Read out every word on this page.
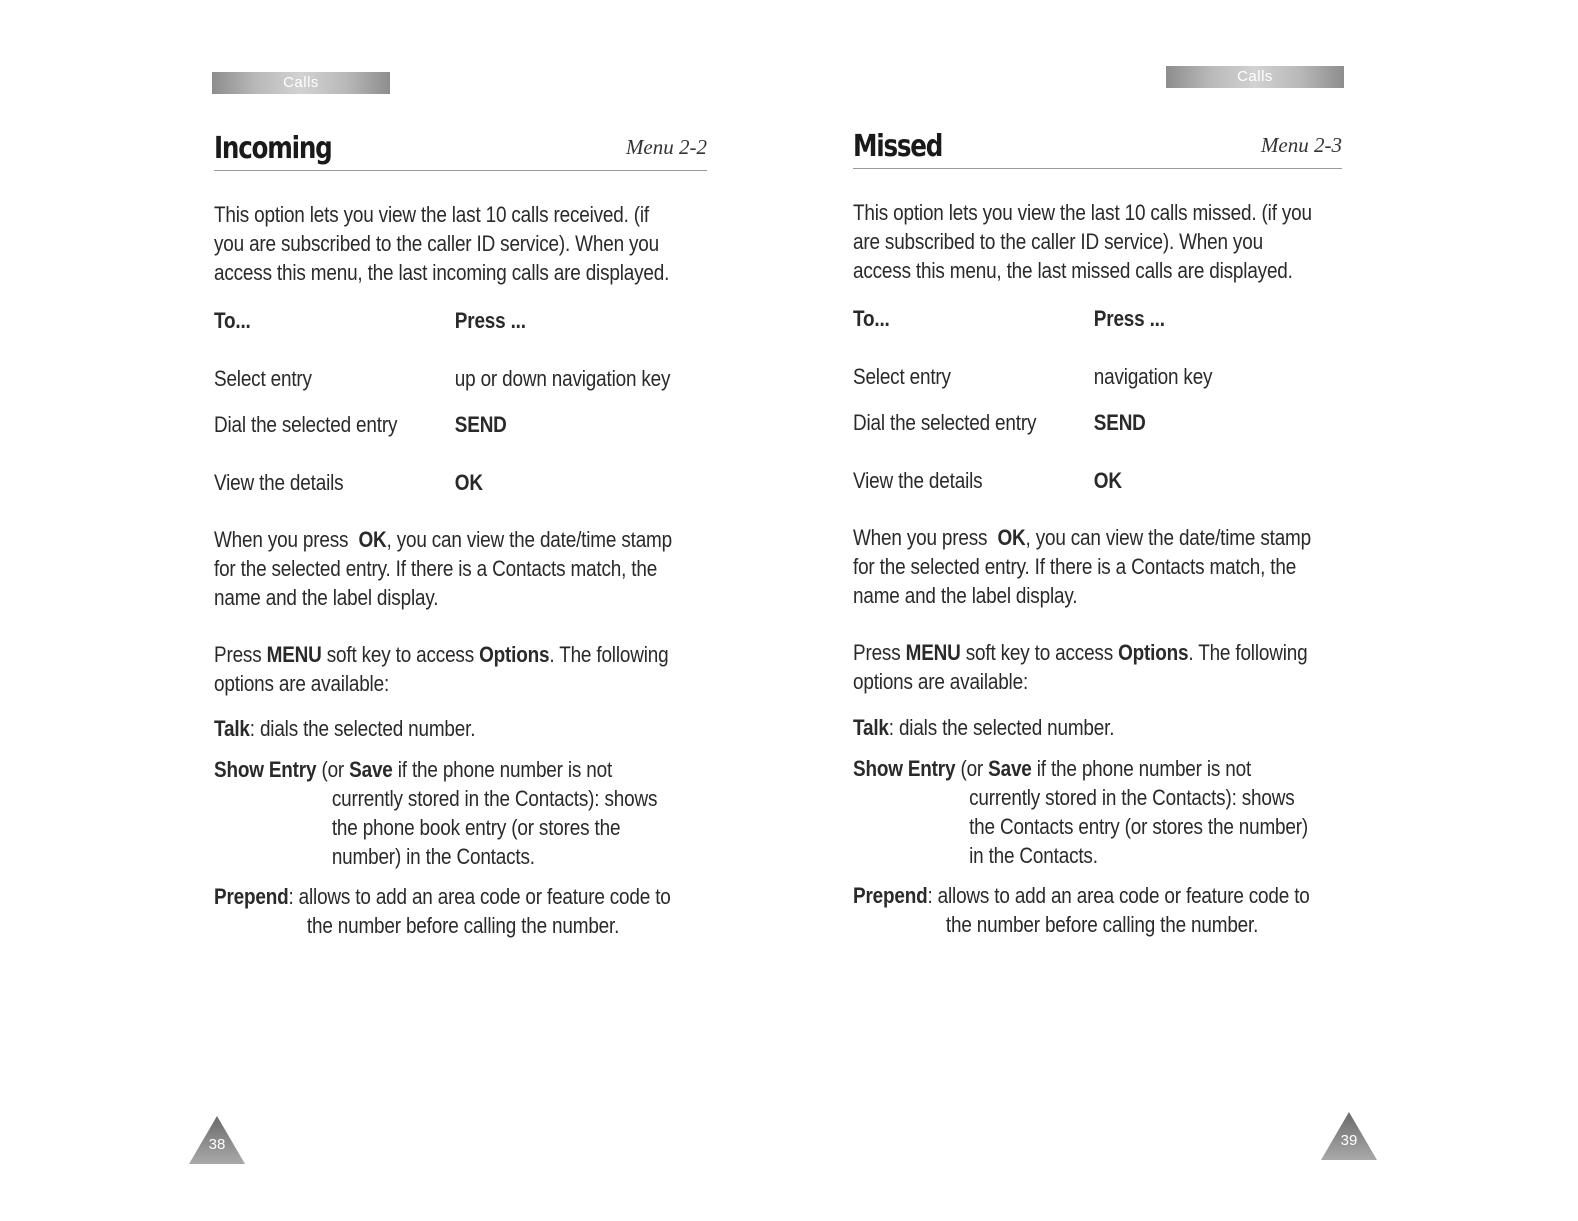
Calls
Incoming	Menu 2-2
This option lets you view the last 10 calls received. (if
you are subscribed to the caller ID service). When you
access this menu, the last incoming calls are displayed.
To...	Press ...
Select entry	up or down navigation key
Dial the selected entry	SEND
View the details	OK
When you press OK, you can view the date/time stamp
for the selected entry. If there is a Contacts match, the
name and the label display.
Press MENU soft key to access Options. The following
options are available:
Talk: dials the selected number.
Show Entry (or Save if the phone number is not
currently stored in the Contacts): shows
the phone book entry (or stores the
number) in the Contacts.
Prepend: allows to add an area code or feature code to
the number before calling the number.
38
Calls
Missed	Menu 2-3
This option lets you view the last 10 calls missed. (if you
are subscribed to the caller ID service). When you
access this menu, the last missed calls are displayed.
To...	Press ...
Select entry	navigation key
Dial the selected entry	SEND
View the details	OK
When you press OK, you can view the date/time stamp
for the selected entry. If there is a Contacts match, the
name and the label display.
Press MENU soft key to access Options. The following
options are available:
Talk: dials the selected number.
Show Entry (or Save if the phone number is not
currently stored in the Contacts): shows
the Contacts entry (or stores the number)
in the Contacts.
Prepend: allows to add an area code or feature code to
the number before calling the number.
39
